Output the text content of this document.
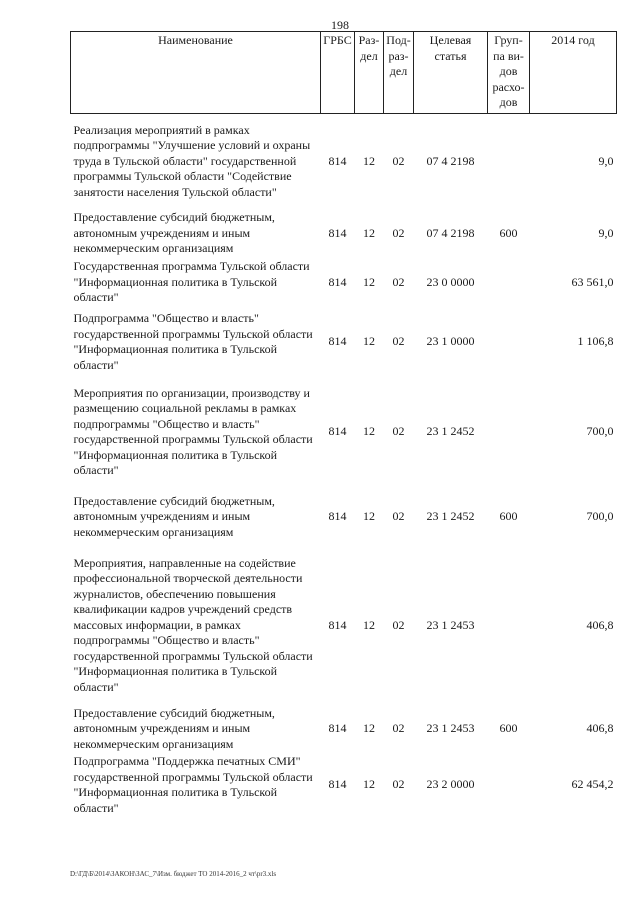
198
Наименование	ГРБС	Раз-дел	Под-раз-дел	Целевая статья	Груп-па ви-дов расхо-дов	2014 год
Реализация мероприятий в рамках подпрограммы "Улучшение условий и охраны труда в Тульской области" государственной программы Тульской области "Содействие занятости населения Тульской области"	814	12	02	07 4 2198		9,0
Предоставление субсидий бюджетным, автономным учреждениям и иным некоммерческим организациям	814	12	02	07 4 2198	600	9,0
Государственная программа Тульской области "Информационная политика в Тульской области"	814	12	02	23 0 0000		63 561,0
Подпрограмма "Общество и власть" государственной программы Тульской области "Информационная политика в Тульской области"	814	12	02	23 1 0000		1 106,8
Мероприятия по организации, производству и размещению социальной рекламы в рамках подпрограммы "Общество и власть" государственной программы Тульской области "Информационная политика в Тульской области"	814	12	02	23 1 2452		700,0
Предоставление субсидий бюджетным, автономным учреждениям и иным некоммерческим организациям	814	12	02	23 1 2452	600	700,0
Мероприятия, направленные на содействие профессиональной творческой деятельности журналистов, обеспечению повышения квалификации кадров учреждений средств массовых информации, в рамках подпрограммы "Общество и власть" государственной программы Тульской области "Информационная политика в Тульской области"	814	12	02	23 1 2453		406,8
Предоставление субсидий бюджетным, автономным учреждениям и иным некоммерческим организациям	814	12	02	23 1 2453	600	406,8
Подпрограмма "Поддержка печатных СМИ" государственной программы Тульской области "Информационная политика в Тульской области"	814	12	02	23 2 0000		62 454,2
D:\ГД\Б\2014\ЗАКОН\ЗАС_7\Изм. бюджет ТО 2014-2016_2 чт\pr3.xls
